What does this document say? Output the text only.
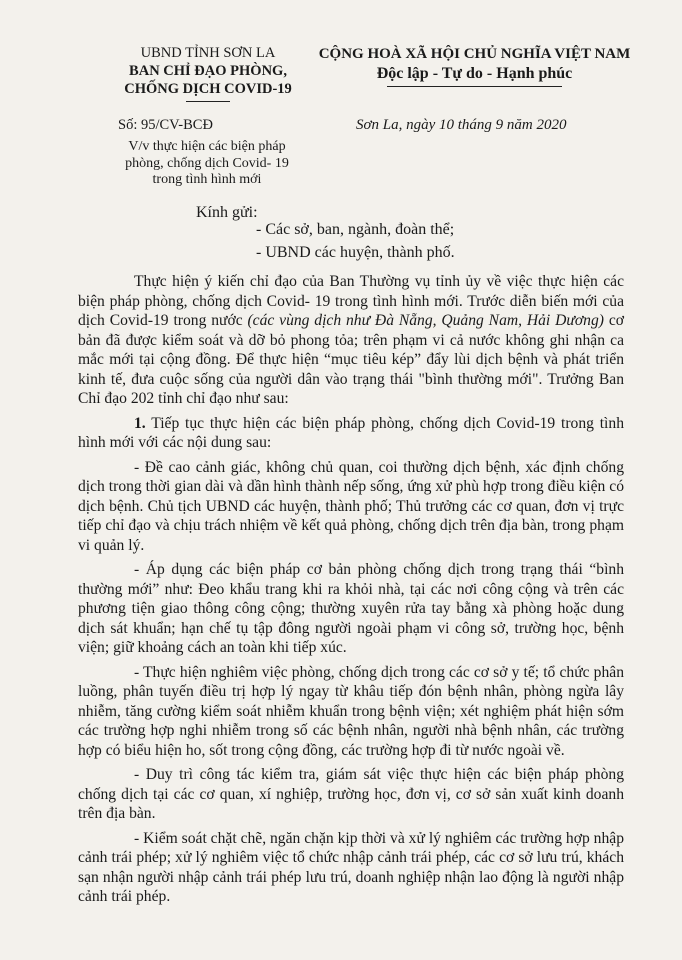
UBND TỈNH SƠN LA
BAN CHỈ ĐẠO PHÒNG,
CHỐNG DỊCH COVID-19
CỘNG HOÀ XÃ HỘI CHỦ NGHĨA VIỆT NAM
Độc lập - Tự do - Hạnh phúc
Số: 95/CV-BCĐ
V/v thực hiện các biện pháp
phòng, chống dịch Covid- 19
trong tình hình mới
Sơn La, ngày 10 tháng 9 năm 2020
Kính gửi:
- Các sở, ban, ngành, đoàn thể;
- UBND các huyện, thành phố.

Thực hiện ý kiến chỉ đạo của Ban Thường vụ tỉnh ủy về việc thực hiện các biện pháp phòng, chống dịch Covid- 19 trong tình hình mới. Trước diễn biến mới của dịch Covid-19 trong nước (các vùng dịch như Đà Nẵng, Quảng Nam, Hải Dương) cơ bản đã được kiểm soát và dỡ bỏ phong tỏa; trên phạm vi cả nước không ghi nhận ca mắc mới tại cộng đồng. Để thực hiện “mục tiêu kép” đẩy lùi dịch bệnh và phát triển kinh tế, đưa cuộc sống của người dân vào trạng thái "bình thường mới". Trưởng Ban Chỉ đạo 202 tỉnh chỉ đạo như sau:

1. Tiếp tục thực hiện các biện pháp phòng, chống dịch Covid-19 trong tình hình mới với các nội dung sau:

- Đề cao cảnh giác, không chủ quan, coi thường dịch bệnh, xác định chống dịch trong thời gian dài và dần hình thành nếp sống, ứng xử phù hợp trong điều kiện có dịch bệnh. Chủ tịch UBND các huyện, thành phố; Thủ trưởng các cơ quan, đơn vị trực tiếp chỉ đạo và chịu trách nhiệm về kết quả phòng, chống dịch trên địa bàn, trong phạm vi quản lý.

- Áp dụng các biện pháp cơ bản phòng chống dịch trong trạng thái “bình thường mới” như: Đeo khẩu trang khi ra khỏi nhà, tại các nơi công cộng và trên các phương tiện giao thông công cộng; thường xuyên rửa tay bằng xà phòng hoặc dung dịch sát khuẩn; hạn chế tụ tập đông người ngoài phạm vi công sở, trường học, bệnh viện; giữ khoảng cách an toàn khi tiếp xúc.

- Thực hiện nghiêm việc phòng, chống dịch trong các cơ sở y tế; tổ chức phân luồng, phân tuyến điều trị hợp lý ngay từ khâu tiếp đón bệnh nhân, phòng ngừa lây nhiễm, tăng cường kiểm soát nhiễm khuẩn trong bệnh viện; xét nghiệm phát hiện sớm các trường hợp nghi nhiễm trong số các bệnh nhân, người nhà bệnh nhân, các trường hợp có biểu hiện ho, sốt trong cộng đồng, các trường hợp đi từ nước ngoài về.

- Duy trì công tác kiểm tra, giám sát việc thực hiện các biện pháp phòng chống dịch tại các cơ quan, xí nghiệp, trường học, đơn vị, cơ sở sản xuất kinh doanh trên địa bàn.

- Kiểm soát chặt chẽ, ngăn chặn kịp thời và xử lý nghiêm các trường hợp nhập cảnh trái phép; xử lý nghiêm việc tổ chức nhập cảnh trái phép, các cơ sở lưu trú, khách sạn nhận người nhập cảnh trái phép lưu trú, doanh nghiệp nhận lao động là người nhập cảnh trái phép.
